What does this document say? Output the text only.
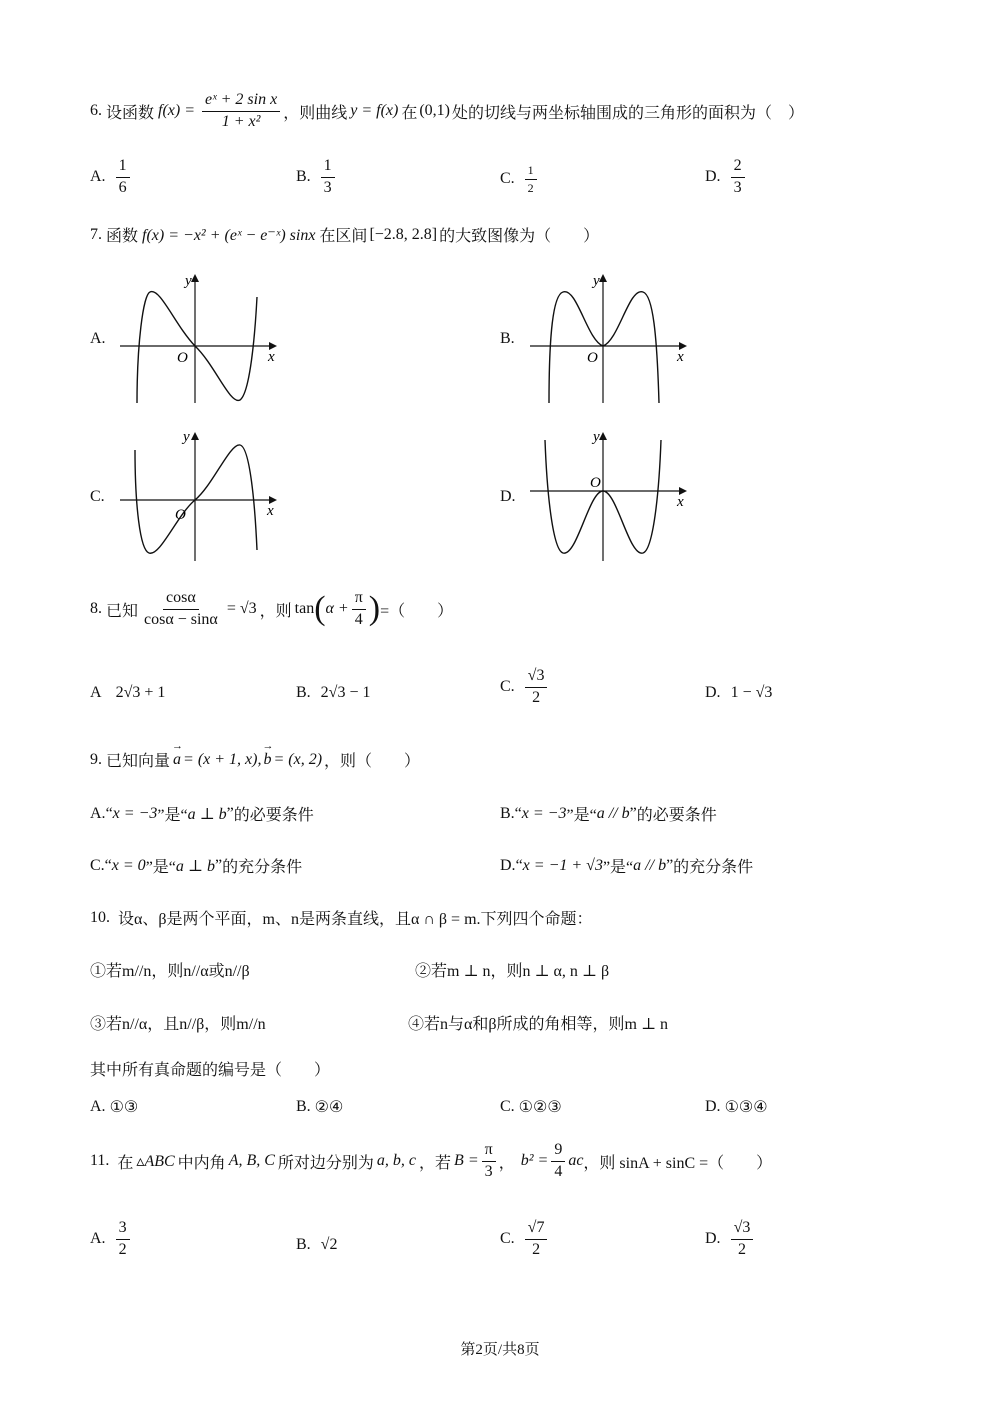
6. 设函数 $f(x) = \frac{\text{eˣ + 2 sin x}}{\text{1 + x²}}$ ，则曲线 y = f(x) 在 (0,1) 处的切线与两坐标轴围成的三角形的面积为（　）
A. $\frac{1}{6}$	B. $\frac{1}{3}$	C. $\frac{1}{2}$	D. $\frac{2}{3}$
7. 函数 f(x) = −x² + (eˣ − e⁻ˣ) sinx 在区间 [−2.8, 2.8] 的大致图像为（　　）
A.	B.
C.	D.
y
x
O
y
x
O
y
x
O
y
x
O
8. 已知 $\frac{\cos\alpha}{\cos\alpha - \sin\alpha} = √3$ ，则 tan ( $\alpha + \frac{\pi}{4}$ ) =（　　）
A 2√3 + 1	B. 2√3 − 1	C. $\frac{√3}{2}$	D. 1 − √3
9. 已知向量 → a = (x + 1, x), → b = (x, 2) ，则（　　）
A. “ x = −3 ”是“ a ⊥ b ” 的必要条件	B. “ x = −3 ”是“ a // b ” 的必要条件
C. “ x = 0 ”是“ a ⊥ b ” 的充分条件	D. “ x = −1 + √3 ”是“ a // b ” 的充分条件
10. 设α、β是两个平面，m、n是两条直线，且α ∩ β = m.下列四个命题：
①若m//n，则n//α或n//β	②若m ⊥ n，则n ⊥ α, n ⊥ β
③若n//α，且n//β，则m//n	④若n与α和β所成的角相等，则m ⊥ n
其中所有真命题的编号是（　　）
A. ①③	B. ②④	C. ①②③	D. ①③④
11. 在 ▵ABC 中内角 A, B, C 所对边分别为 a, b, c ，若 $B = \frac{\pi}{3}$ ， $b^2 = \frac{9}{4}$ ac ，则 sinA + sinC =（　　）
A. $\frac{3}{2}$	B. √2	C. $\frac{√7}{2}$	D. $\frac{√3}{2}$
第2页/共8页
